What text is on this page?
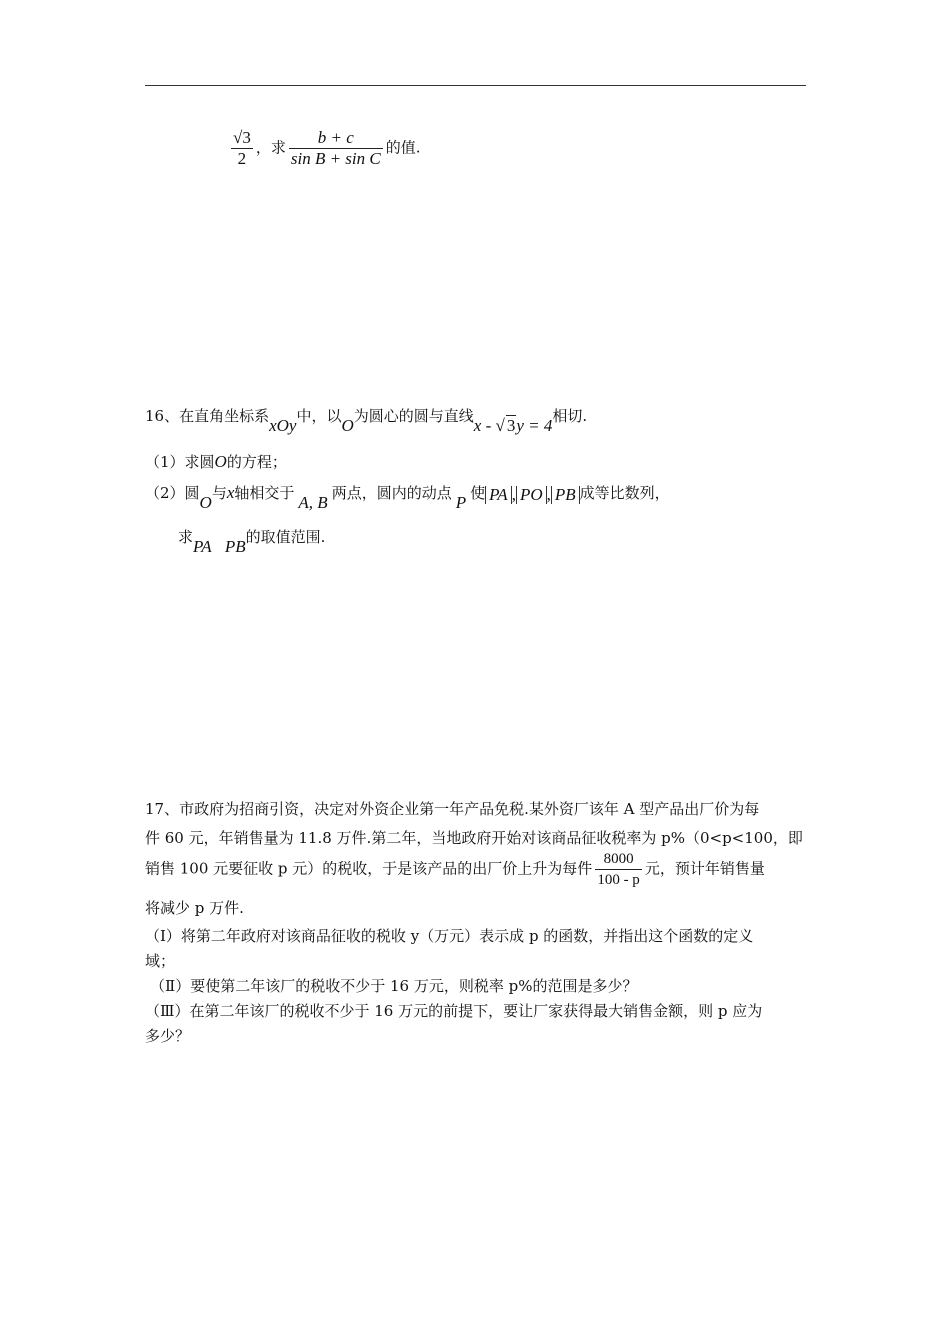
$\frac{√3}{2}$ ，求 $\frac{b + c}{\text{sin B + sin C}}$ 的值.
16、在直角坐标系xOy中，以O为圆心的圆与直线x - √ 3y = 4相切.
（1）求圆O的方程；
（2）圆O与x轴相交于 A, B 两点，圆内的动点 P 使 PA , PO , PB 成等比数列，
求PA⃗PB的取值范围.
17、市政府为招商引资，决定对外资企业第一年产品免税.某外资厂该年 A 型产品出厂价为每
件 60 元，年销售量为 11.8 万件.第二年，当地政府开始对该商品征收税率为 p%（0<p<100，即
销售 100 元要征收 p 元）的税收，于是该产品的出厂价上升为每件 $\frac{8000}{100 - p}$ 元，预计年销售量
将减少 p 万件.
（Ⅰ）将第二年政府对该商品征收的税收 y（万元）表示成 p 的函数，并指出这个函数的定义
域；
（Ⅱ）要使第二年该厂的税收不少于 16 万元，则税率 p%的范围是多少？
（Ⅲ）在第二年该厂的税收不少于 16 万元的前提下，要让厂家获得最大销售金额，则 p 应为
多少？
